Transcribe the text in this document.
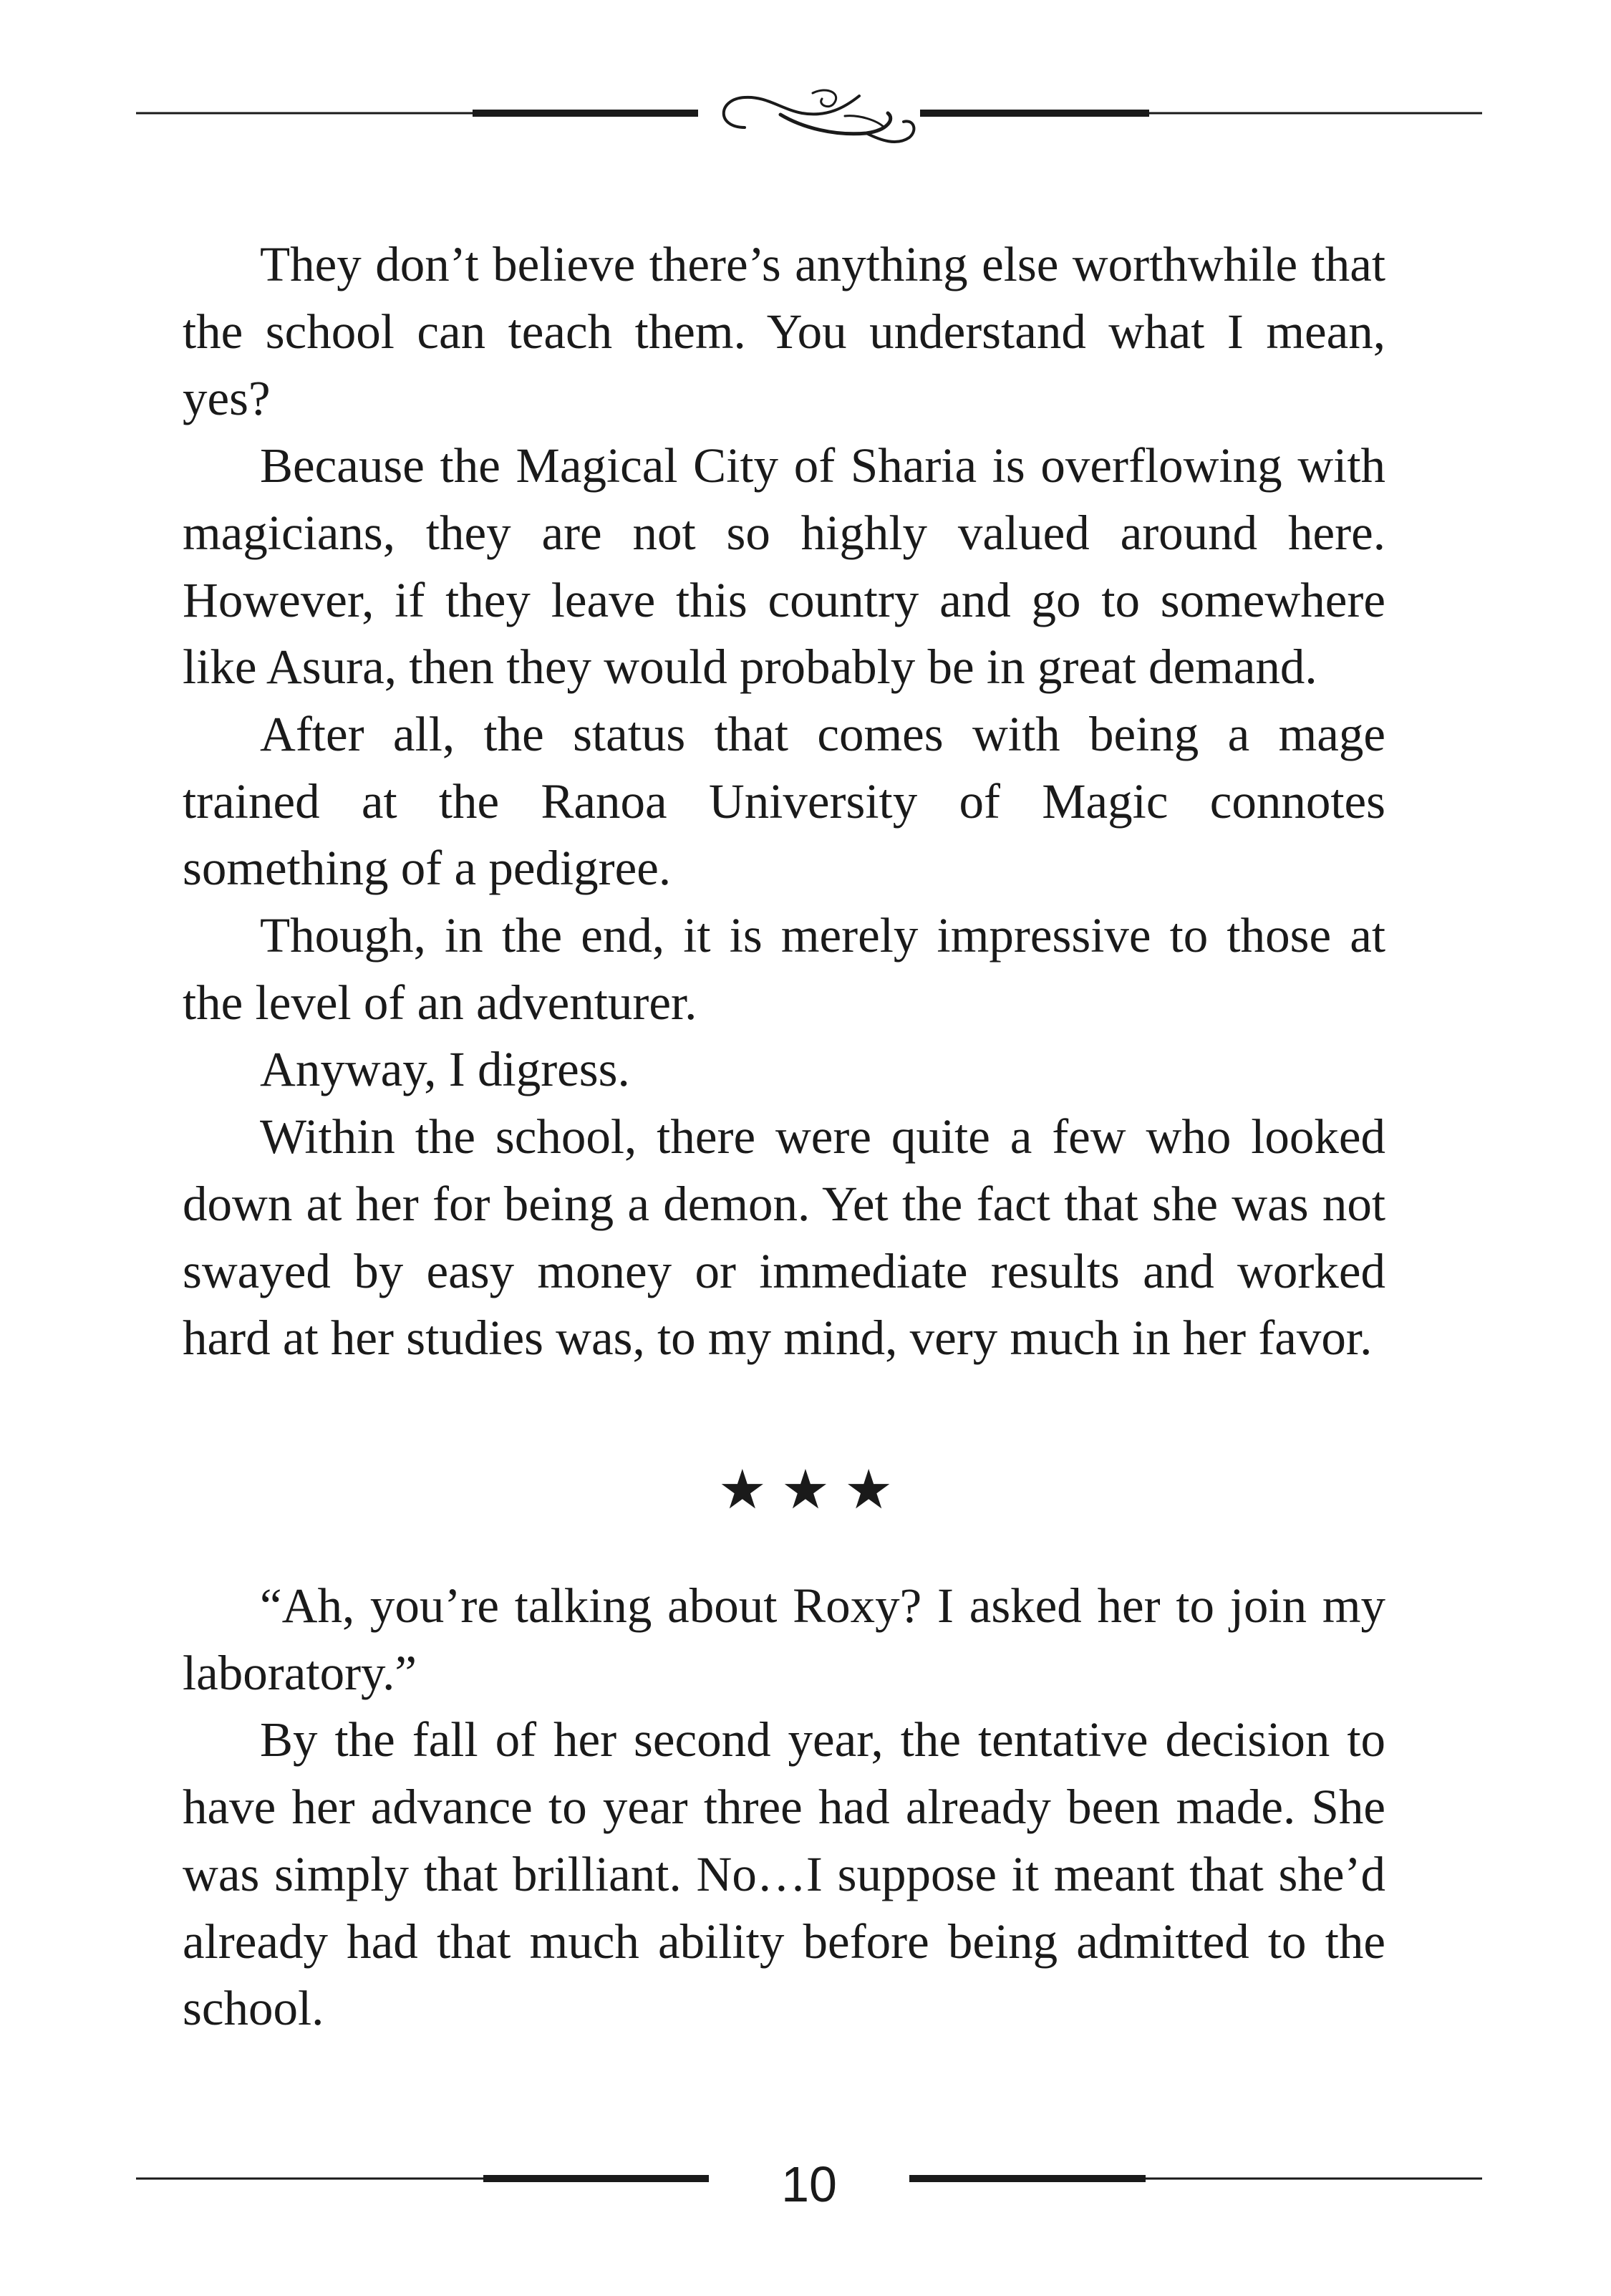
They don’t believe there’s anything else worthwhile that the school can teach them. You understand what I mean, yes?

Because the Magical City of Sharia is overflowing with magicians, they are not so highly valued around here. However, if they leave this country and go to somewhere like Asura, then they would probably be in great demand.

After all, the status that comes with being a mage trained at the Ranoa University of Magic connotes something of a pedigree.

Though, in the end, it is merely impressive to those at the level of an adventurer.

Anyway, I digress.

Within the school, there were quite a few who looked down at her for being a demon. Yet the fact that she was not swayed by easy money or immediate results and worked hard at her studies was, to my mind, very much in her favor.

★★★

“Ah, you’re talking about Roxy? I asked her to join my laboratory.”

By the fall of her second year, the tentative decision to have her advance to year three had already been made. She was simply that brilliant. No…I suppose it meant that she’d already had that much ability before being admitted to the school.

10
